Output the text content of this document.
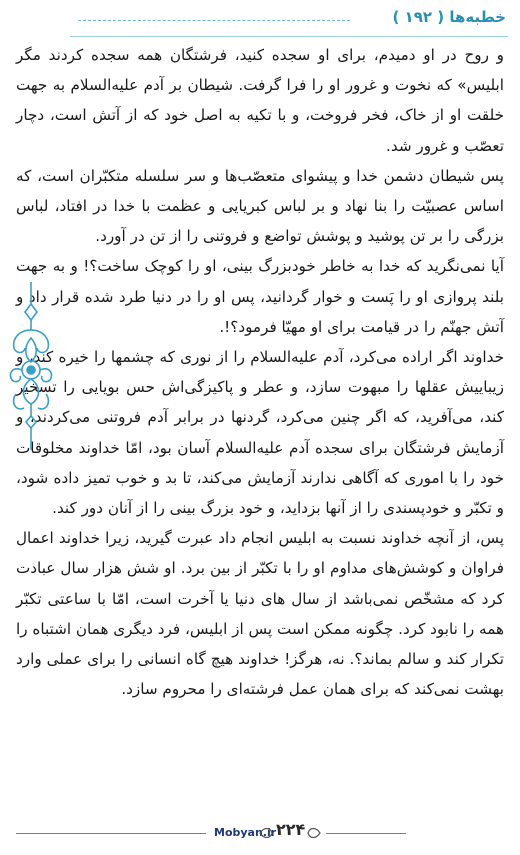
خطبه‌ها ( ۱۹۲ )

و روح در او دمیدم، برای او سجده کنید، فرشتگان همه سجده کردند مگر ابلیس» که نخوت و غرور او را فرا گرفت. شیطان بر آدم علیه‌السلام به جهت خلقت او از خاک، فخر فروخت، و با تکیه به اصل خود که از آتش است، دچار تعصّب و غرور شد.

پس شیطان دشمن خدا و پیشوای متعصّب‌ها و سر سلسله متکبّران است، که اساس عصبیّت را بنا نهاد و بر لباس کبریایی و عظمت با خدا در افتاد، لباس بزرگی را بر تن پوشید و پوشش تواضع و فروتنی را از تن در آورد.

آیا نمی‌نگرید که خدا به خاطر خودبزرگ بینی، او را کوچک ساخت؟! و به جهت بلند پروازی او را پَست و خوار گردانید، پس او را در دنیا طرد شده قرار داد و آتش جهنّم را در قیامت برای او مهیّا فرمود؟!.

خداوند اگر اراده می‌کرد، آدم علیه‌السلام را از نوری که چشمها را خیره کند، و زیباییش عقلها را مبهوت سازد، و عطر و پاکیزگی‌اش حس بویایی را تسخیر کند، می‌آفرید، که اگر چنین می‌کرد، گردنها در برابر آدم فروتنی می‌کردند، و آزمایش فرشتگان برای سجده آدم علیه‌السلام آسان بود، امّا خداوند مخلوقات خود را با اموری که آگاهی ندارند آزمایش می‌کند، تا بد و خوب تمیز داده شود، و تکبّر و خودپسندی را از آنها بزداید، و خود بزرگ بینی را از آنان دور کند.

پس، از آنچه خداوند نسبت به ابلیس انجام داد عبرت گیرید، زیرا خداوند اعمال فراوان و کوشش‌های مداوم او را با تکبّر از بین برد. او شش هزار سال عبادت کرد که مشخّص نمی‌باشد از سال های دنیا یا آخرت است، امّا با ساعتی تکبّر همه را نابود کرد. چگونه ممکن است پس از ابلیس، فرد دیگری همان اشتباه را تکرار کند و سالم بماند؟. نه، هرگز! خداوند هیچ گاه انسانی را برای عملی وارد بهشت نمی‌کند که برای همان عمل فرشته‌ای را محروم سازد.

Mobyan.ir ۲۲۴
